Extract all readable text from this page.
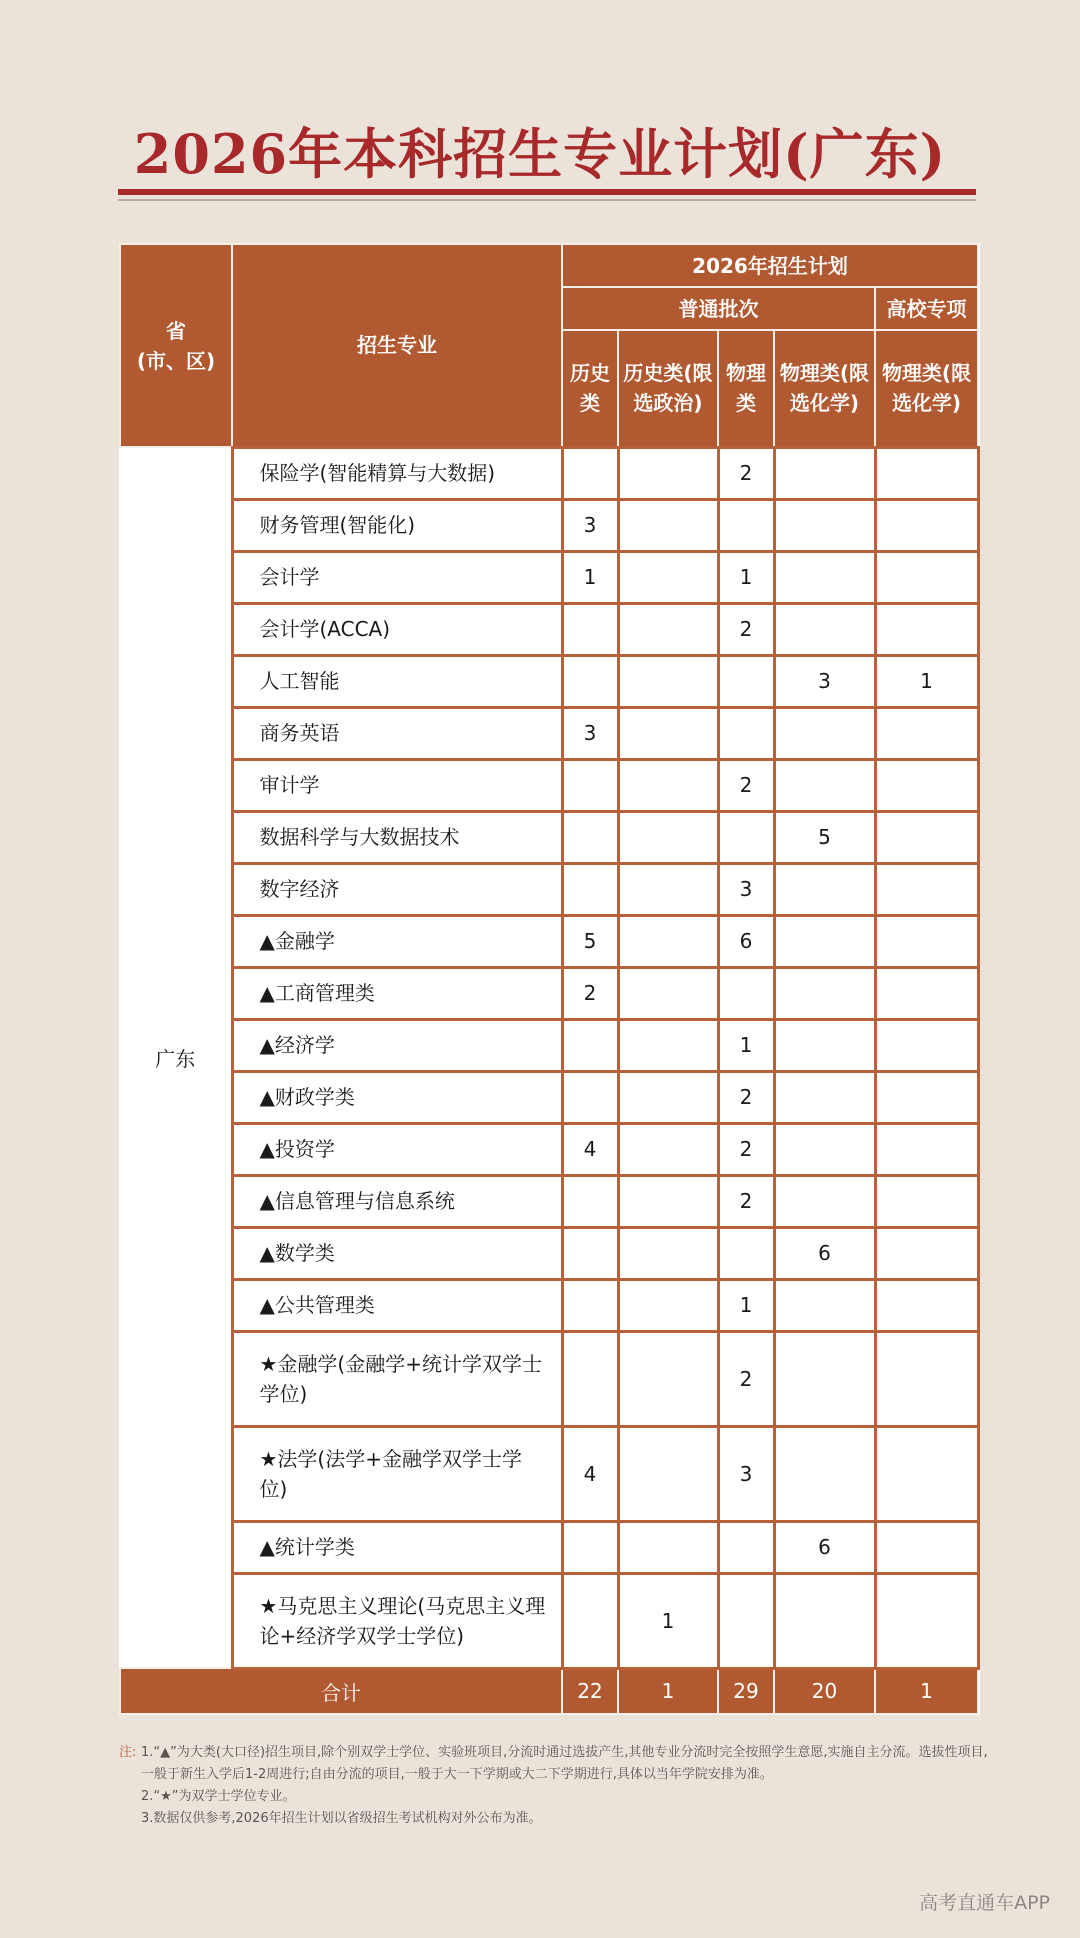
2026年本科招生专业计划(广东)
省
(市、区)	招生专业	2026年招生计划				
		普通批次				高校专项
		历史类	历史类(限选政治)	物理类	物理类(限选化学)	物理类(限选化学)
广东	保险学(智能精算与大数据)			2		
	财务管理(智能化)	3				
	会计学	1		1		
	会计学(ACCA)			2		
	人工智能				3	1
	商务英语	3				
	审计学			2		
	数据科学与大数据技术				5	
	数字经济			3		
	▲金融学	5		6		
	▲工商管理类	2				
	▲经济学			1		
	▲财政学类			2		
	▲投资学	4		2		
	▲信息管理与信息系统			2		
	▲数学类				6	
	▲公共管理类			1		
	★金融学(金融学+统计学双学士学位)			2		
	★法学(法学+金融学双学士学位)	4		3		
	▲统计学类				6	
	★马克思主义理论(马克思主义理论+经济学双学士学位)		1			
合计		22	1	29	20	1
注: 1.“▲”为大类(大口径)招生项目,除个别双学士学位、实验班项目,分流时通过选拔产生,其他专业分流时完全按照学生意愿,实施自主分流。选拔性项目,一般于新生入学后1-2周进行;自由分流的项目,一般于大一下学期或大二下学期进行,具体以当年学院安排为准。
2.“★”为双学士学位专业。
3.数据仅供参考,2026年招生计划以省级招生考试机构对外公布为准。
高考直通车APP
